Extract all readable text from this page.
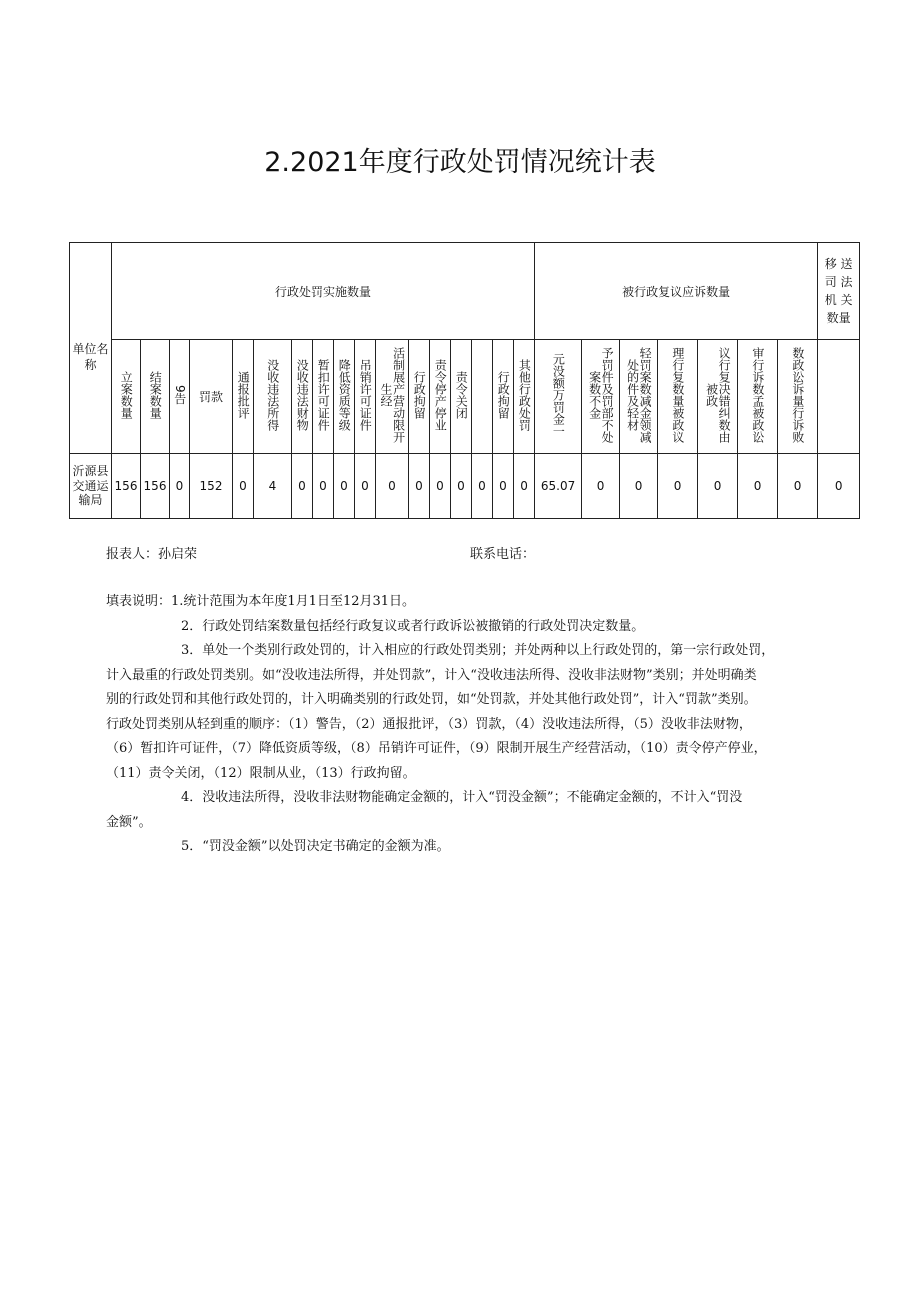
2.2021年度行政处罚情况统计表
单位名称	行政处罚实施数量																	被行政复议应诉数量							移 送
司 法
机 关
数量

	立案数量	结案数量	9告	罚款	通报批评	没收违法所得	没收违法财物	暂扣许可证件	降低资质等级	吊销许可证件	活制展产营动限开生经	行政拘留	责令停产停业	责令关闭		行政拘留	其他行政处罚	元没额万罚金一	予罚件及罚部不处案数不金	轻罚案数减金领减处的件及轻材	理行复数量被政议	议行复决错纠数由被政	审行诉数孟被政讼	数政讼诉量行诉败	
沂源县交通运输局	156	156	0	152	0	4	0	0	0	0	0	0	0	0	0	0	0	65.07	0	0	0	0	0	0	0
报表人：孙启荣	联系电话：
填表说明：1.统计范围为本年度1月1日至12月31日。
2．行政处罚结案数量包括经行政复议或者行政诉讼被撤销的行政处罚决定数量。
3．单处一个类别行政处罚的，计入相应的行政处罚类别；并处两种以上行政处罚的，第一宗行政处罚，
计入最重的行政处罚类别。如“没收违法所得，并处罚款”，计入“没收违法所得、没收非法财物”类别；并处明确类
别的行政处罚和其他行政处罚的，计入明确类别的行政处罚，如“处罚款，并处其他行政处罚”，计入“罚款”类别。
行政处罚类别从轻到重的顺序：（1）警告，（2）通报批评，（3）罚款，（4）没收违法所得，（5）没收非法财物，
（6）暂扣许可证件，（7）降低资质等级，（8）吊销许可证件，（9）限制开展生产经营活动，（10）责令停产停业，
（11）责令关闭，（12）限制从业，（13）行政拘留。
4．没收违法所得，没收非法财物能确定金额的，计入“罚没金额”；不能确定金额的，不计入“罚没
金额”。
5．“罚没金额”以处罚决定书确定的金额为准。
